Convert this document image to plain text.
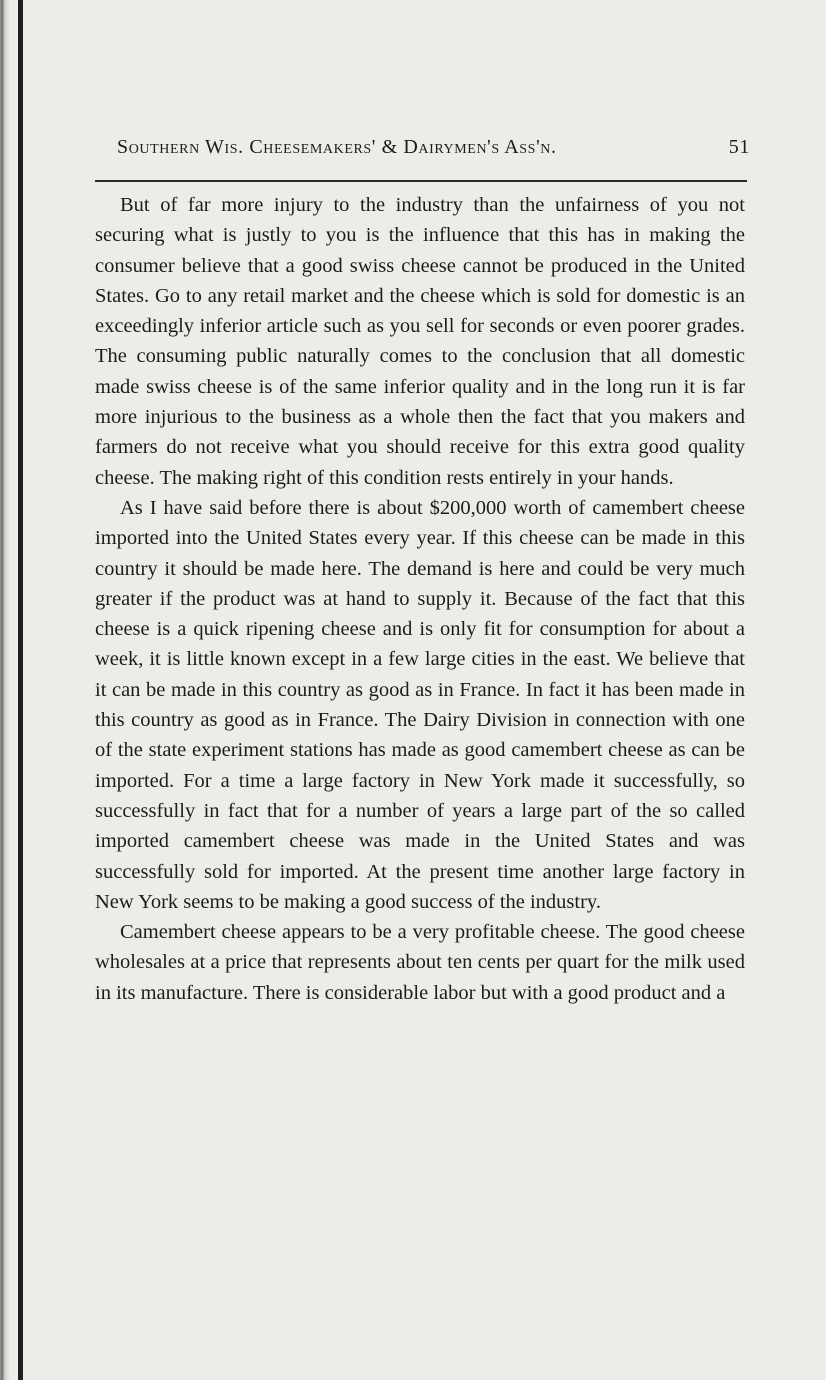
Southern Wis. Cheesemakers' & Dairymen's Ass'n.	51

But of far more injury to the industry than the unfairness of you not securing what is justly to you is the influence that this has in making the consumer believe that a good swiss cheese cannot be produced in the United States. Go to any retail market and the cheese which is sold for domestic is an exceedingly inferior article such as you sell for seconds or even poorer grades. The consuming public naturally comes to the conclusion that all domestic made swiss cheese is of the same inferior quality and in the long run it is far more injurious to the business as a whole then the fact that you makers and farmers do not receive what you should receive for this extra good quality cheese. The making right of this condition rests entirely in your hands.

As I have said before there is about $200,000 worth of camembert cheese imported into the United States every year. If this cheese can be made in this country it should be made here. The demand is here and could be very much greater if the product was at hand to supply it. Because of the fact that this cheese is a quick ripening cheese and is only fit for consumption for about a week, it is little known except in a few large cities in the east. We believe that it can be made in this country as good as in France. In fact it has been made in this country as good as in France. The Dairy Division in connection with one of the state experiment stations has made as good camembert cheese as can be imported. For a time a large factory in New York made it successfully, so successfully in fact that for a number of years a large part of the so called imported camembert cheese was made in the United States and was successfully sold for imported. At the present time another large factory in New York seems to be making a good success of the industry.

Camembert cheese appears to be a very profitable cheese. The good cheese wholesales at a price that represents about ten cents per quart for the milk used in its manufacture. There is considerable labor but with a good product and a
